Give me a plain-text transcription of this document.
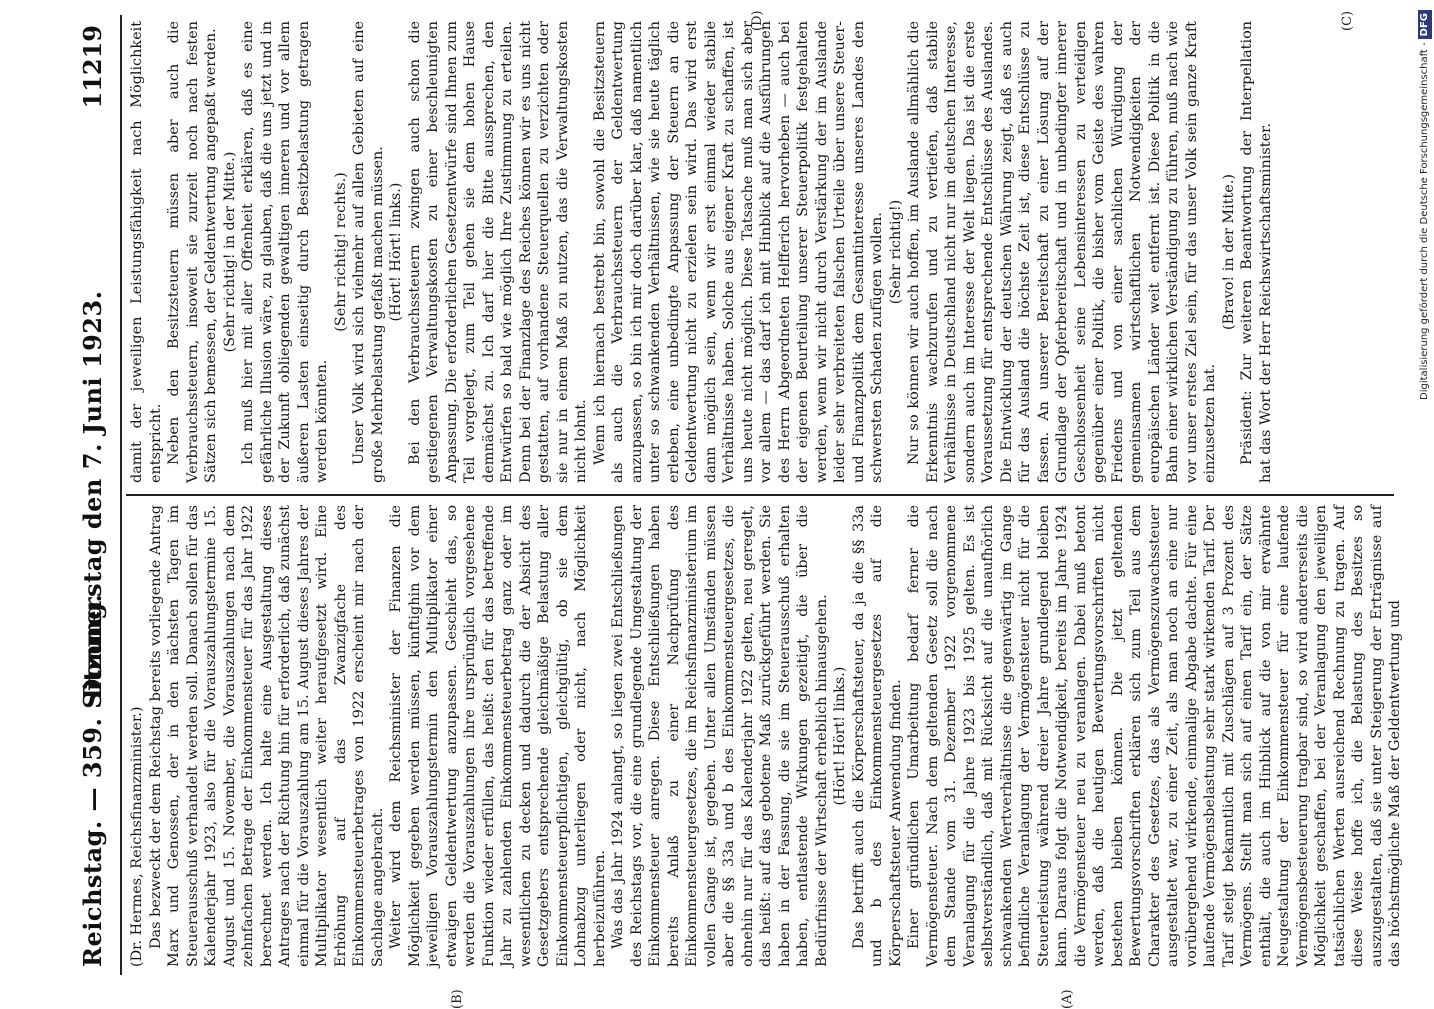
Reichstag. — 359. Sitzung.
Donnerstag den 7. Juni 1923.
11219
(A)
(B)
(C)
(D)

(Dr. Hermes, Reichsfinanzminister.) Das bezweckt der dem Reichstag bereits vorliegende Antrag Marx und Genossen, der in den nächsten Tagen im Steuerausschuß verhandelt werden soll. Danach sollen für das Kalenderjahr 1923, also für die Vorauszahlungstermine 15. August und 15. November, die Vorauszahlungen nach dem zehnfachen Betrage der Einkommensteuer für das Jahr 1922 berechnet werden. Ich halte eine Ausgestaltung dieses Antrages nach der Richtung hin für erforderlich, daß zunächst einmal für die Vorauszahlung am 15. August dieses Jahres der Multiplikator wesentlich weiter heraufgesetzt wird. Eine Erhöhung auf das Zwanzigfache des Einkommensteuerbetrages von 1922 erscheint mir nach der Sachlage angebracht. Weiter wird dem Reichsminister der Finanzen die Möglichkeit gegeben werden müssen, künftighin vor dem jeweiligen Vorauszahlungstermin den Multiplikator einer etwaigen Geldentwertung anzupassen. Geschieht das, so werden die Vorauszahlungen ihre ursprünglich vorgesehene Funktion wieder erfüllen, das heißt: den für das betreffende Jahr zu zahlenden Einkommensteuerbetrag ganz oder im wesentlichen zu decken und dadurch die der Absicht des Gesetzgebers entsprechende gleichmäßige Belastung aller Einkommensteuerpflichtigen, gleichgültig, ob sie dem Lohnabzug unterliegen oder nicht, nach Möglichkeit herbeizuführen. Was das Jahr 1924 anlangt, so liegen zwei Entschließungen des Reichstags vor, die eine grundlegende Umgestaltung der Einkommensteuer anregen. Diese Entschließungen haben bereits Anlaß zu einer Nachprüfung des Einkommensteuergesetzes, die im Reichsfinanzministerium im vollen Gange ist, gegeben. Unter allen Umständen müssen aber die §§ 33a und b des Einkommensteuergesetzes, die ohnehin nur für das Kalenderjahr 1922 gelten, neu geregelt, das heißt: auf das gebotene Maß zurückgeführt werden. Sie haben in der Fassung, die sie im Steuerausschuß erhalten haben, entlastende Wirkungen gezeitigt, die über die Bedürfnisse der Wirtschaft erheblich hinausgehen. (Hört! Hört! links.) Das betrifft auch die Körperschaftsteuer, da ja die §§ 33a und b des Einkommensteuergesetzes auf die Körperschaftsteuer Anwendung finden. Einer gründlichen Umarbeitung bedarf ferner die Vermögensteuer. Nach dem geltenden Gesetz soll die nach dem Stande vom 31. Dezember 1922 vorgenommene Veranlagung für die Jahre 1923 bis 1925 gelten. Es ist selbstverständlich, daß mit Rücksicht auf die unaufhörlich schwankenden Wertverhältnisse die gegenwärtig im Gange befindliche Veranlagung der Vermögensteuer nicht für die Steuerleistung während dreier Jahre grundlegend bleiben kann. Daraus folgt die Notwendigkeit, bereits im Jahre 1924 die Vermögensteuer neu zu veranlagen. Dabei muß betont werden, daß die heutigen Bewertungsvorschriften nicht bestehen bleiben können. Die jetzt geltenden Bewertungsvorschriften erklären sich zum Teil aus dem Charakter des Gesetzes, das als Vermögenszuwachssteuer ausgestaltet war, zu einer Zeit, als man noch an eine nur vorübergehend wirkende, einmalige Abgabe dachte. Für eine laufende Vermögensbelastung sehr stark wirkenden Tarif. Der Tarif steigt bekanntlich mit Zuschlägen auf 3 Prozent des Vermögens. Stellt man sich auf einen Tarif ein, der Sätze enthält, die auch im Hinblick auf die von mir erwähnte Neugestaltung der Einkommensteuer für eine laufende Vermögensbesteuerung tragbar sind, so wird andererseits die Möglichkeit geschaffen, bei der Veranlagung den jeweiligen tatsächlichen Werten ausreichend Rechnung zu tragen. Auf diese Weise hoffe ich, die Belastung des Besitzes so auszugestalten, daß sie unter Steigerung der Erträgnisse auf das höchstmögliche Maß der Geldentwertung und

damit der jeweiligen Leistungsfähigkeit nach Möglichkeit entspricht. Neben den Besitzsteuern müssen aber auch die Verbrauchssteuern, insoweit sie zurzeit noch nach festen Sätzen sich bemessen, der Geldentwertung angepaßt werden. (Sehr richtig! in der Mitte.) Ich muß hier mit aller Offenheit erklären, daß es eine gefährliche Illusion wäre, zu glauben, daß die uns jetzt und in der Zukunft obliegenden gewaltigen inneren und vor allem äußeren Lasten einseitig durch Besitzbelastung getragen werden könnten.

(Sehr richtig! rechts.) Unser Volk wird sich vielmehr auf allen Gebieten auf eine große Mehrbelastung gefaßt machen müssen. (Hört! Hört! links.) Bei den Verbrauchssteuern zwingen auch schon die gestiegenen Verwaltungskosten zu einer beschleunigten Anpassung. Die erforderlichen Gesetzentwürfe sind Ihnen zum Teil vorgelegt, zum Teil gehen sie dem hohen Hause demnächst zu. Ich darf hier die Bitte aussprechen, den Entwürfen so bald wie möglich Ihre Zustimmung zu erteilen. Denn bei der Finanzlage des Reiches können wir es uns nicht gestatten, auf vorhandene Steuerquellen zu verzichten oder sie nur in einem Maß zu nutzen, das die Verwaltungskosten nicht lohnt. Wenn ich hiernach bestrebt bin, sowohl die Besitzsteuern als auch die Verbrauchssteuern der Geldentwertung anzupassen, so bin ich mir doch darüber klar, daß namentlich unter so schwankenden Verhältnissen, wie sie heute täglich erleben, eine unbedingte Anpassung der Steuern an die Geldentwertung nicht zu erzielen sein wird. Das wird erst dann möglich sein, wenn wir erst einmal wieder stabile Verhältnisse haben. Solche aus eigener Kraft zu schaffen, ist uns heute nicht möglich. Diese Tatsache muß man sich aber vor allem — das darf ich mit Hinblick auf die Ausführungen des Herrn Abgeordneten Helfferich hervorheben — auch bei der eigenen Beurteilung unserer Steuerpolitik festgehalten werden, wenn wir nicht durch Verstärkung der im Auslande leider sehr verbreiteten falschen Urteile über unsere Steuer- und Finanzpolitik dem Gesamtinteresse unseres Landes den schwersten Schaden zufügen wollen. (Sehr richtig!) Nur so können wir auch hoffen, im Auslande allmählich die Erkenntnis wachzurufen und zu vertiefen, daß stabile Verhältnisse in Deutschland nicht nur im deutschen Interesse, sondern auch im Interesse der Welt liegen. Das ist die erste Voraussetzung für entsprechende Entschlüsse des Auslandes. Die Entwicklung der deutschen Währung zeigt, daß es auch für das Ausland die höchste Zeit ist, diese Entschlüsse zu fassen. An unserer Bereitschaft zu einer Lösung auf der Grundlage der Opferbereitschaft und in unbedingter innerer Geschlossenheit seine Lebensinteressen zu verteidigen gegenüber einer Politik, die bisher vom Geiste des wahren Friedens und von einer sachlichen Würdigung der gemeinsamen wirtschaftlichen Notwendigkeiten der europäischen Länder weit entfernt ist. Diese Politik in die Bahn einer wirklichen Verständigung zu führen, muß nach wie vor unser erstes Ziel sein, für das unser Volk sein ganze Kraft einzusetzen hat.

(Bravo! in der Mitte.) Präsident: Zur weiteren Beantwortung der Interpellation hat das Wort der Herr Reichswirtschaftsminister.	Digitalisierung gefördert durch die Deutsche Forschungsgemeinschaft -DFG
